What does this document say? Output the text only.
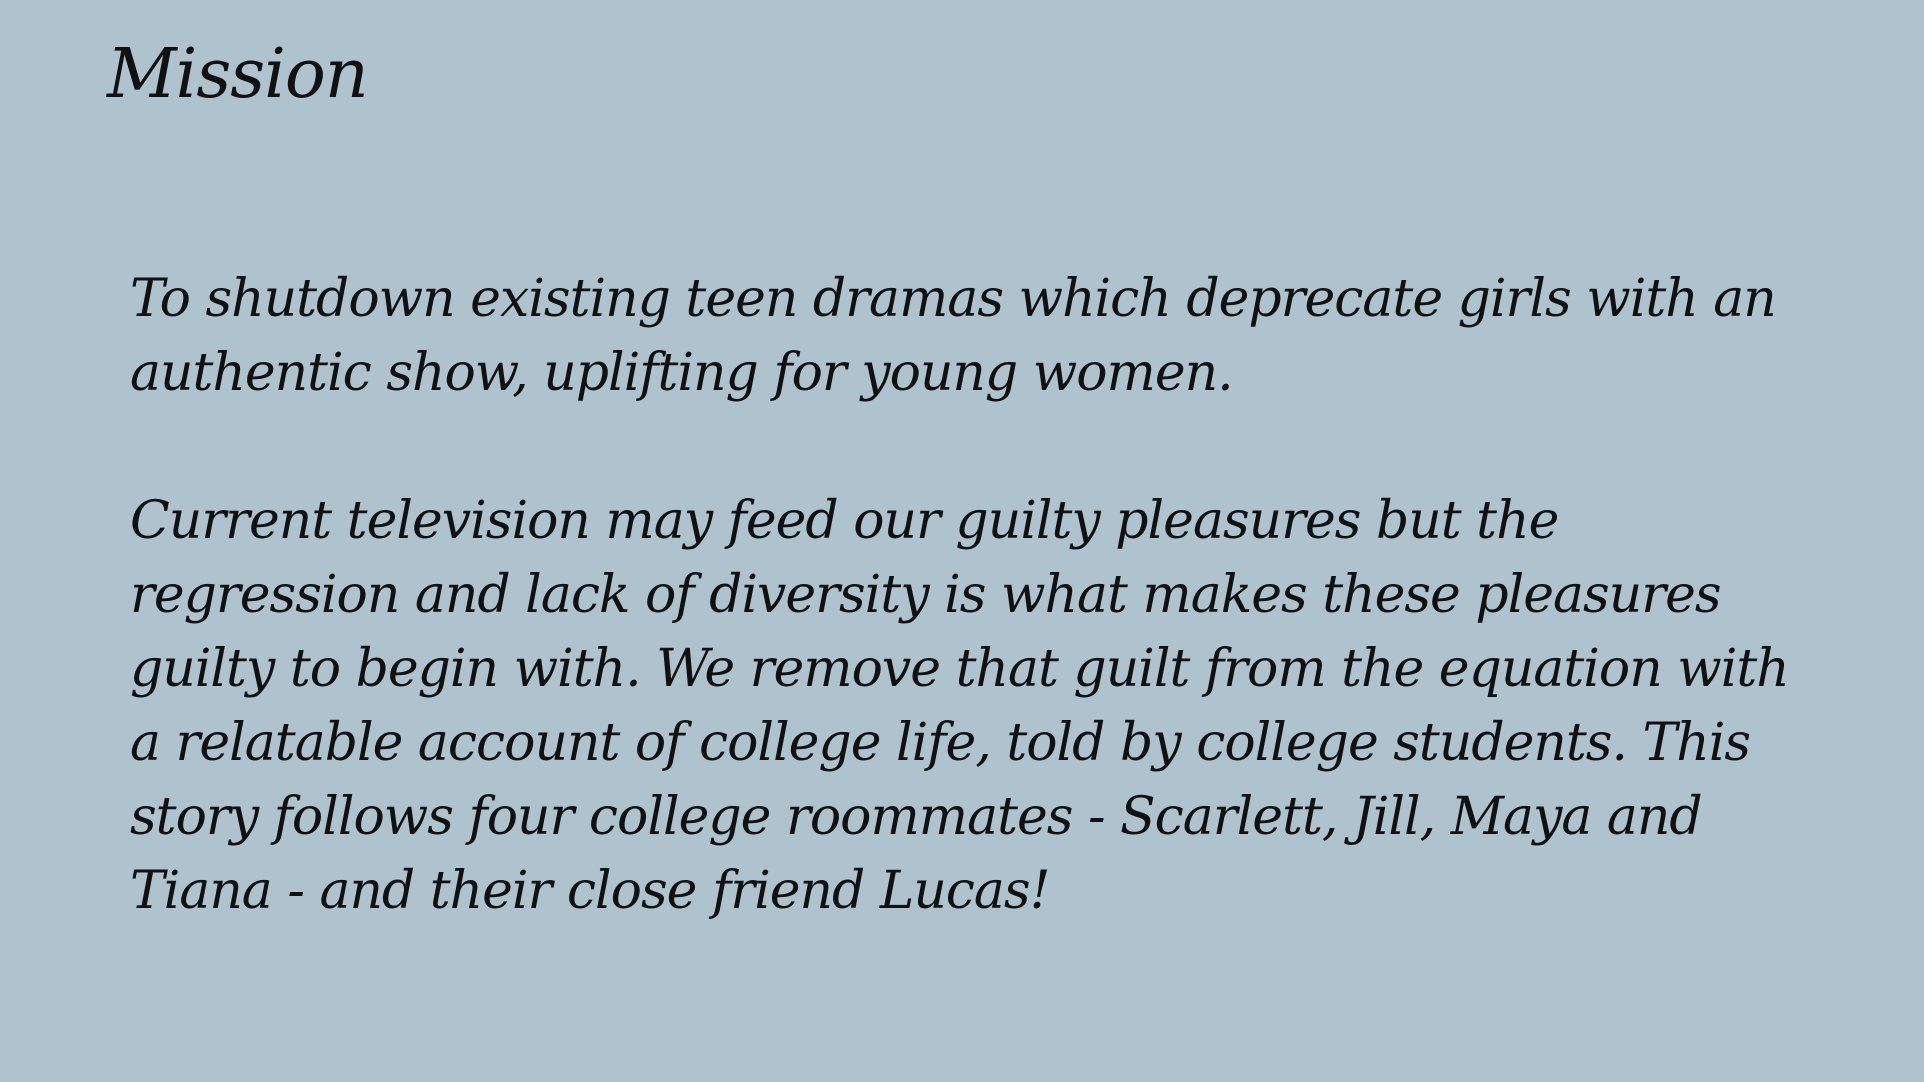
Mission

To shutdown existing teen dramas which deprecate girls with an authentic show, uplifting for young women.

Current television may feed our guilty pleasures but the regression and lack of diversity is what makes these pleasures guilty to begin with. We remove that guilt from the equation with a relatable account of college life, told by college students. This story follows four college roommates - Scarlett, Jill, Maya and Tiana - and their close friend Lucas!
